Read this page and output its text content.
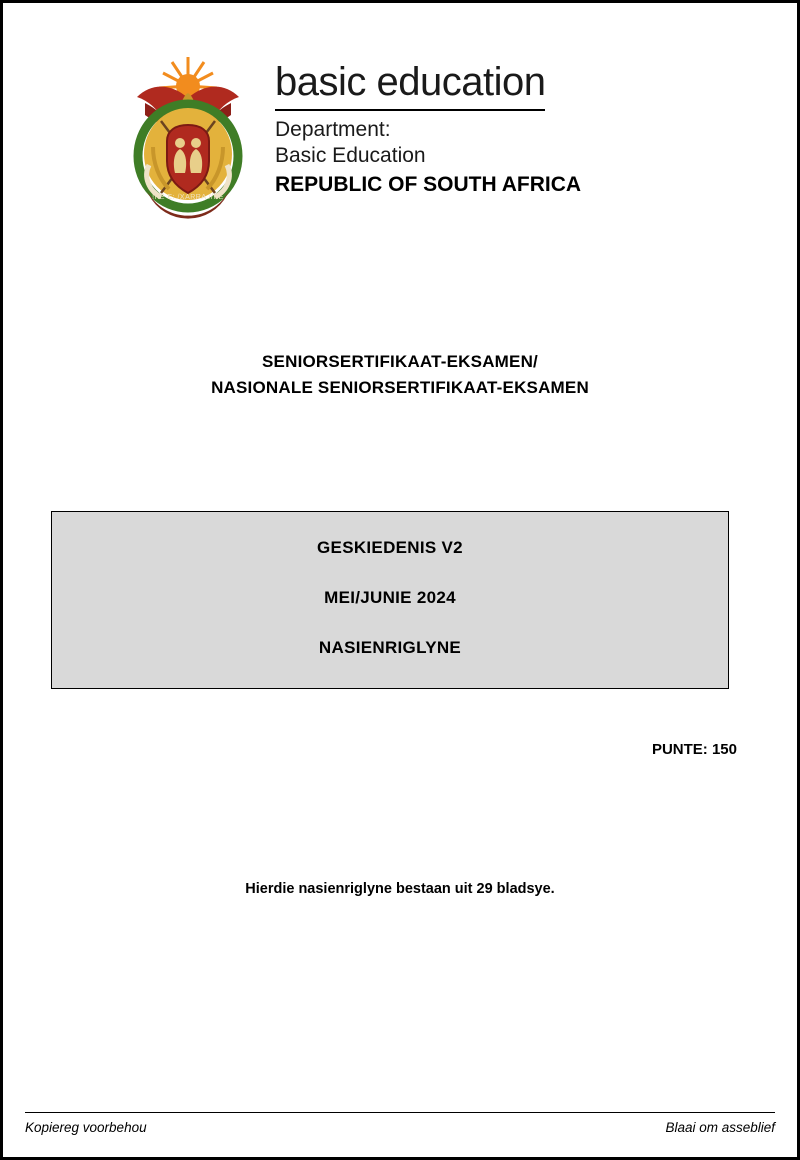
!KE E: /XARRA //KE
basic education
Department:
Basic Education
REPUBLIC OF SOUTH AFRICA
SENIORSERTIFIKAAT-EKSAMEN/
NASIONALE SENIORSERTIFIKAAT-EKSAMEN
GESKIEDENIS V2
MEI/JUNIE 2024
NASIENRIGLYNE
PUNTE: 150
Hierdie nasienriglyne bestaan uit 29 bladsye.
Kopiereg voorbehou	Blaai om asseblief
